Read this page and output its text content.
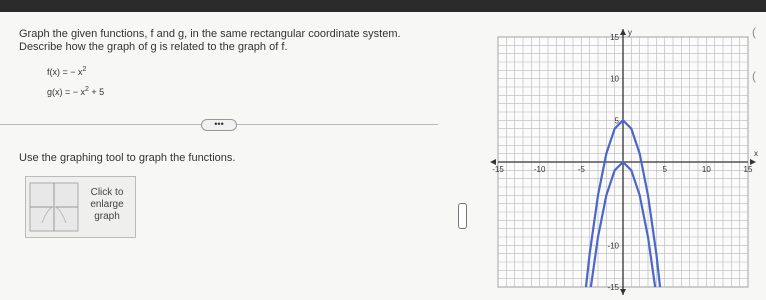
Graph the given functions, f and g, in the same rectangular coordinate system.
Describe how the graph of g is related to the graph of f.
f(x) = − $x^2$
g(x) = − $x^2 + 5$
•••
Use the graphing tool to graph the functions.
Click to
enlarge
graph
y
x
-15	-10	-5	5	10	15
15
10
5
-10
-15
(
(
